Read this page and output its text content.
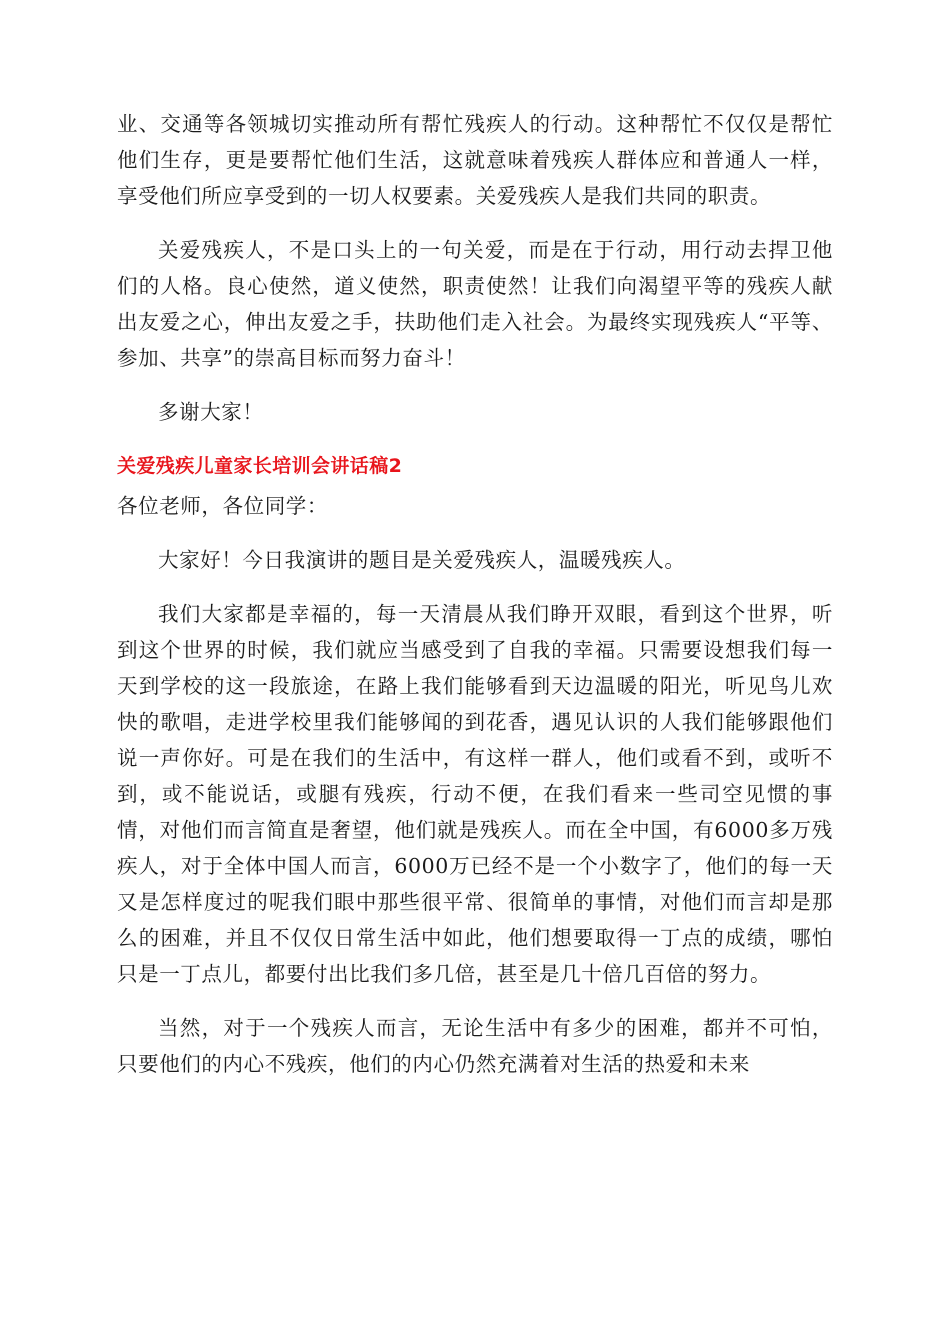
业、交通等各领城切实推动所有帮忙残疾人的行动。这种帮忙不仅仅是帮忙他们生存，更是要帮忙他们生活，这就意味着残疾人群体应和普通人一样，享受他们所应享受到的一切人权要素。关爱残疾人是我们共同的职责。

关爱残疾人，不是口头上的一句关爱，而是在于行动，用行动去捍卫他们的人格。良心使然，道义使然，职责使然！让我们向渴望平等的残疾人献出友爱之心，伸出友爱之手，扶助他们走入社会。为最终实现残疾人“平等、参加、共享”的崇高目标而努力奋斗！

多谢大家！

关爱残疾儿童家长培训会讲话稿2

各位老师，各位同学：

大家好！今日我演讲的题目是关爱残疾人，温暖残疾人。

我们大家都是幸福的，每一天清晨从我们睁开双眼，看到这个世界，听到这个世界的时候，我们就应当感受到了自我的幸福。只需要设想我们每一天到学校的这一段旅途，在路上我们能够看到天边温暖的阳光，听见鸟儿欢快的歌唱，走进学校里我们能够闻的到花香，遇见认识的人我们能够跟他们说一声你好。可是在我们的生活中，有这样一群人，他们或看不到，或听不到，或不能说话，或腿有残疾，行动不便，在我们看来一些司空见惯的事情，对他们而言简直是奢望，他们就是残疾人。而在全中国，有6000多万残疾人，对于全体中国人而言，6000万已经不是一个小数字了，他们的每一天又是怎样度过的呢我们眼中那些很平常、很简单的事情，对他们而言却是那么的困难，并且不仅仅日常生活中如此，他们想要取得一丁点的成绩，哪怕只是一丁点儿，都要付出比我们多几倍，甚至是几十倍几百倍的努力。

当然，对于一个残疾人而言，无论生活中有多少的困难，都并不可怕，只要他们的内心不残疾，他们的内心仍然充满着对生活的热爱和未来
